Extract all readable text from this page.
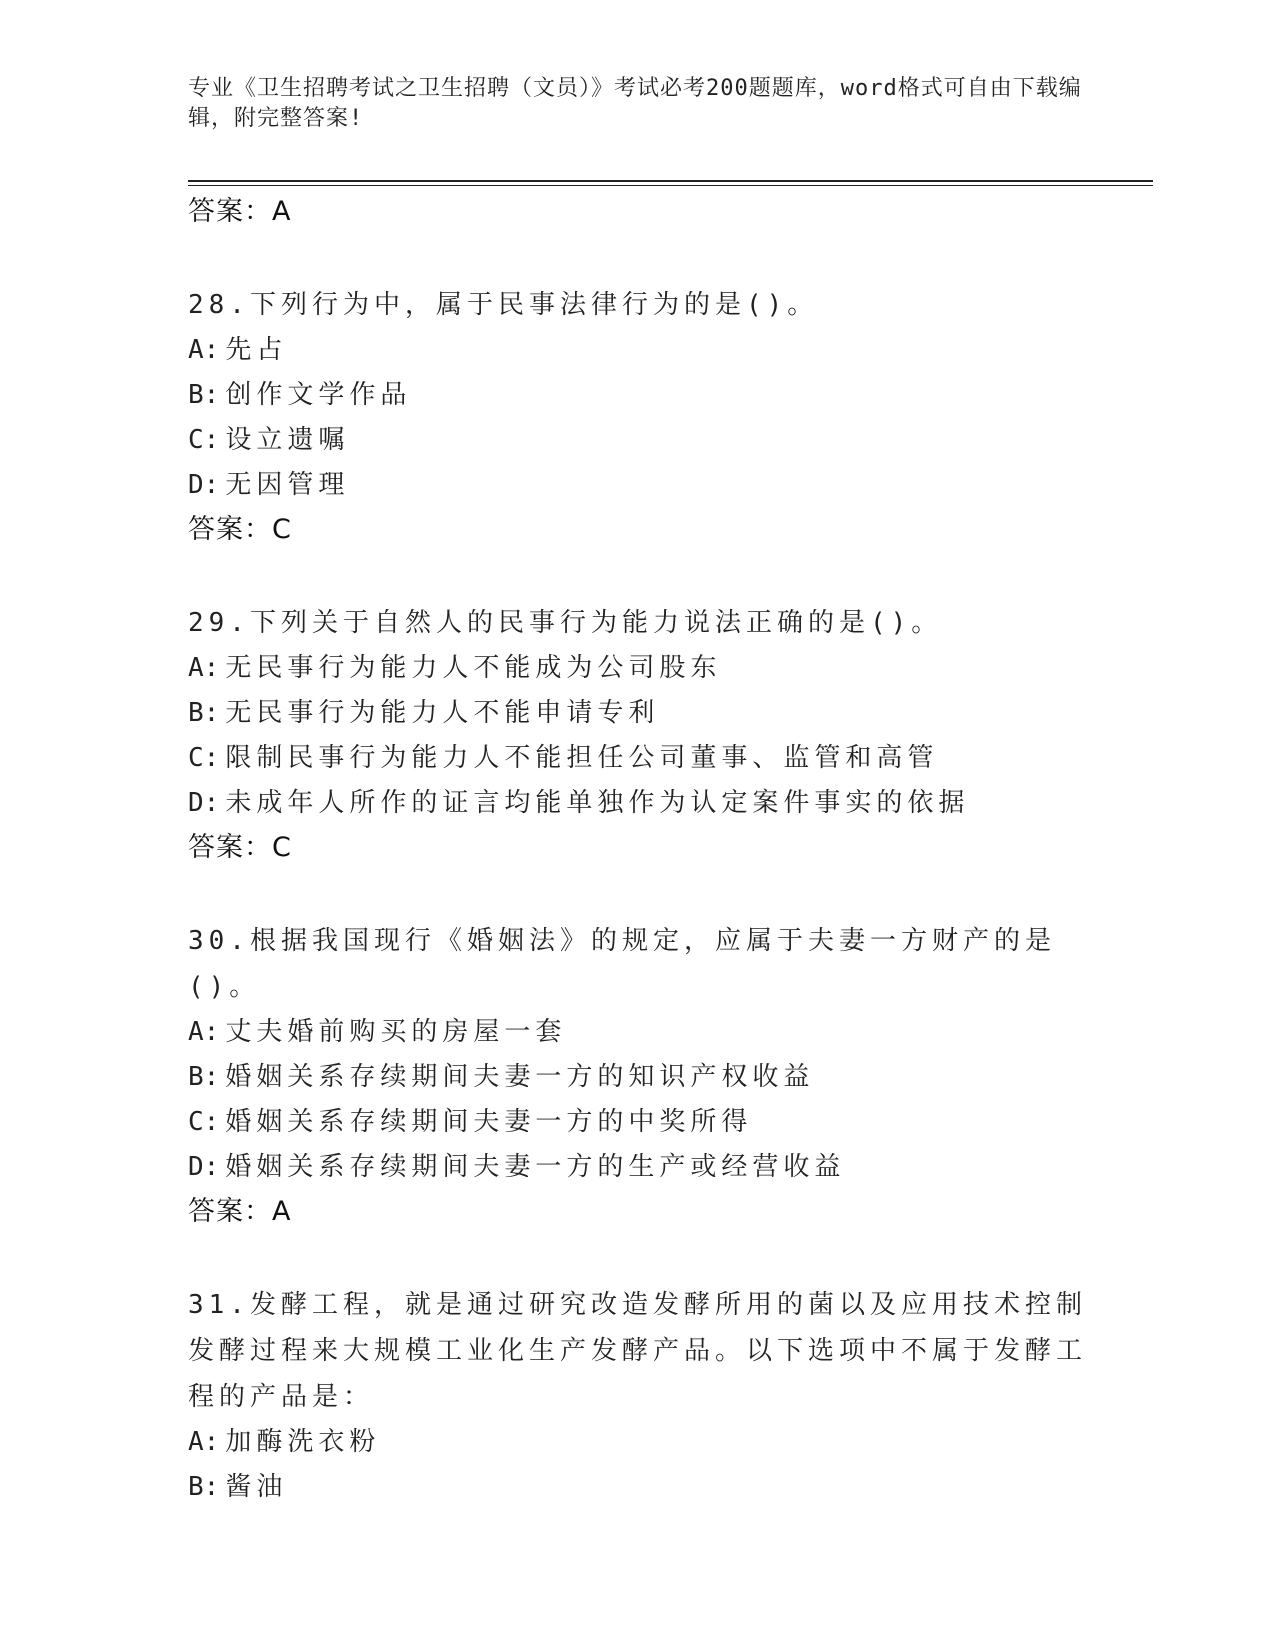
专业《卫生招聘考试之卫生招聘（文员）》考试必考200题题库，word格式可自由下载编辑，附完整答案!
答案：A
28.下列行为中，属于民事法律行为的是()。
A: 先占
B: 创作文学作品
C: 设立遗嘱
D: 无因管理
答案：C
29.下列关于自然人的民事行为能力说法正确的是()。
A: 无民事行为能力人不能成为公司股东
B: 无民事行为能力人不能申请专利
C: 限制民事行为能力人不能担任公司董事、监管和高管
D: 未成年人所作的证言均能单独作为认定案件事实的依据
答案：C
30.根据我国现行《婚姻法》的规定，应属于夫妻一方财产的是()。
A: 丈夫婚前购买的房屋一套
B: 婚姻关系存续期间夫妻一方的知识产权收益
C: 婚姻关系存续期间夫妻一方的中奖所得
D: 婚姻关系存续期间夫妻一方的生产或经营收益
答案：A
31.发酵工程，就是通过研究改造发酵所用的菌以及应用技术控制发酵过程来大规模工业化生产发酵产品。以下选项中不属于发酵工程的产品是：
A: 加酶洗衣粉
B: 酱油
